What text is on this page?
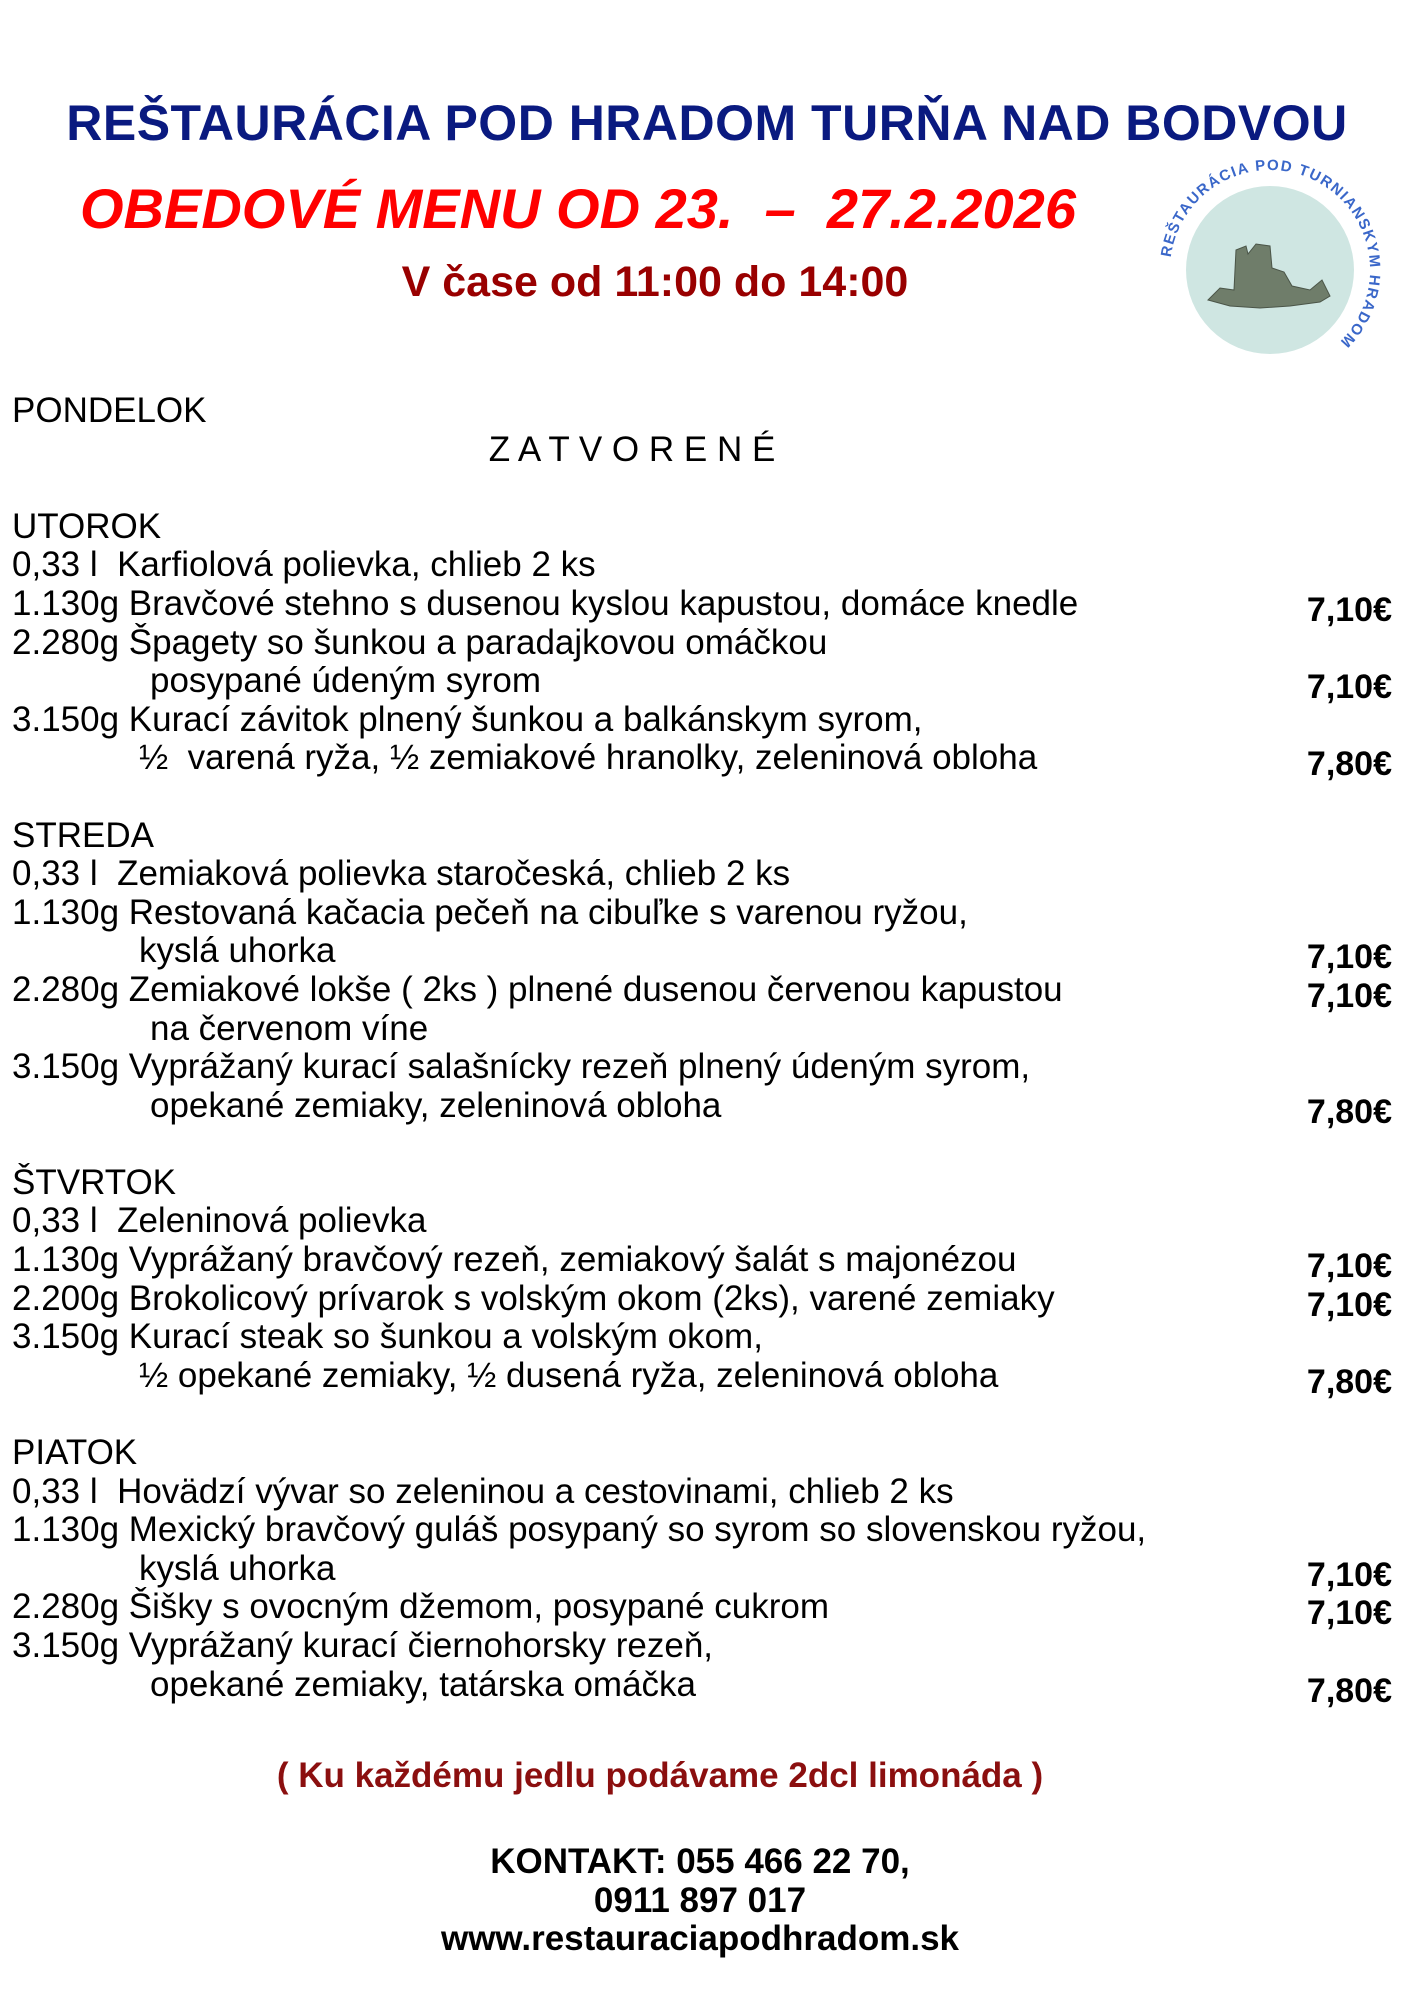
REŠTAURÁCIA POD HRADOM TURŇA NAD BODVOU
OBEDOVÉ MENU OD 23.  –  27.2.2026
V čase od 11:00 do 14:00
REŠTAURÁCIA POD TURNIANSKYM HRADOM
PONDELOK
Z A T V O R E N É
UTOROK
0,33 l  Karfiolová polievka, chlieb 2 ks
1.130g Bravčové stehno s dusenou kyslou kapustou, domáce knedle	7,10€
2.280g Špagety so šunkou a paradajkovou omáčkou
posypané údeným syrom	7,10€
3.150g Kurací závitok plnený šunkou a balkánskym syrom,
½  varená ryža, ½ zemiakové hranolky, zeleninová obloha	7,80€
STREDA
0,33 l  Zemiaková polievka staročeská, chlieb 2 ks
1.130g Restovaná kačacia pečeň na cibuľke s varenou ryžou,
kyslá uhorka	7,10€
2.280g Zemiakové lokše ( 2ks ) plnené dusenou červenou kapustou	7,10€
na červenom víne
3.150g Vyprážaný kurací salašnícky rezeň plnený údeným syrom,
opekané zemiaky, zeleninová obloha	7,80€
ŠTVRTOK
0,33 l  Zeleninová polievka
1.130g Vyprážaný bravčový rezeň, zemiakový šalát s majonézou	7,10€
2.200g Brokolicový prívarok s volským okom (2ks), varené zemiaky	7,10€
3.150g Kurací steak so šunkou a volským okom,
½ opekané zemiaky, ½ dusená ryža, zeleninová obloha	7,80€
PIATOK
0,33 l  Hovädzí vývar so zeleninou a cestovinami, chlieb 2 ks
1.130g Mexický bravčový guláš posypaný so syrom so slovenskou ryžou,
kyslá uhorka	7,10€
2.280g Šišky s ovocným džemom, posypané cukrom	7,10€
3.150g Vyprážaný kurací čiernohorsky rezeň,
opekané zemiaky, tatárska omáčka	7,80€
( Ku každému jedlu podávame 2dcl limonáda )
KONTAKT: 055 466 22 70,
0911 897 017
www.restauraciapodhradom.sk
